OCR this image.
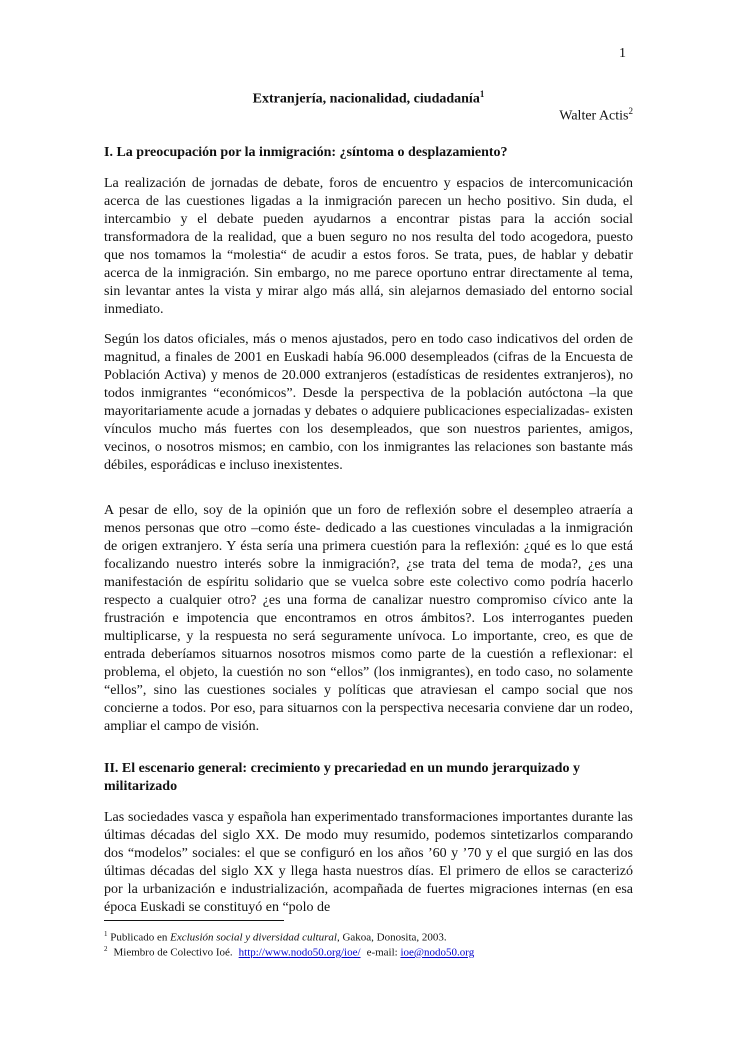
1
Extranjería, nacionalidad, ciudadanía$^1$
Walter Actis$^2$
I. La preocupación por la inmigración: ¿síntoma o desplazamiento?

La realización de jornadas de debate, foros de encuentro y espacios de intercomunicación acerca de las cuestiones ligadas a la inmigración parecen un hecho positivo. Sin duda, el intercambio y el debate pueden ayudarnos a encontrar pistas para la acción social transformadora de la realidad, que a buen seguro no nos resulta del todo acogedora, puesto que nos tomamos la “molestia“ de acudir a estos foros. Se trata, pues, de hablar y debatir acerca de la inmigración. Sin embargo, no me parece oportuno entrar directamente al tema, sin levantar antes la vista y mirar algo más allá, sin alejarnos demasiado del entorno social inmediato.

Según los datos oficiales, más o menos ajustados, pero en todo caso indicativos del orden de magnitud, a finales de 2001 en Euskadi había 96.000 desempleados (cifras de la Encuesta de Población Activa) y menos de 20.000 extranjeros (estadísticas de residentes extranjeros), no todos inmigrantes “económicos”. Desde la perspectiva de la población autóctona –la que mayoritariamente acude a jornadas y debates o adquiere publicaciones especializadas- existen vínculos mucho más fuertes con los desempleados, que son nuestros parientes, amigos, vecinos, o nosotros mismos; en cambio, con los inmigrantes las relaciones son bastante más débiles, esporádicas e incluso inexistentes.

A pesar de ello, soy de la opinión que un foro de reflexión sobre el desempleo atraería a menos personas que otro –como éste- dedicado a las cuestiones vinculadas a la inmigración de origen extranjero. Y ésta sería una primera cuestión para la reflexión: ¿qué es lo que está focalizando nuestro interés sobre la inmigración?, ¿se trata del tema de moda?, ¿es una manifestación de espíritu solidario que se vuelca sobre este colectivo como podría hacerlo respecto a cualquier otro? ¿es una forma de canalizar nuestro compromiso cívico ante la frustración e impotencia que encontramos en otros ámbitos?. Los interrogantes pueden multiplicarse, y la respuesta no será seguramente unívoca. Lo importante, creo, es que de entrada deberíamos situarnos nosotros mismos como parte de la cuestión a reflexionar: el problema, el objeto, la cuestión no son “ellos” (los inmigrantes), en todo caso, no solamente “ellos”, sino las cuestiones sociales y políticas que atraviesan el campo social que nos concierne a todos. Por eso, para situarnos con la perspectiva necesaria conviene dar un rodeo, ampliar el campo de visión.

II. El escenario general: crecimiento y precariedad en un mundo jerarquizado y militarizado

Las sociedades vasca y española han experimentado transformaciones importantes durante las últimas décadas del siglo XX. De modo muy resumido, podemos sintetizarlos comparando dos “modelos” sociales: el que se configuró en los años ’60 y ’70 y el que surgió en las dos últimas décadas del siglo XX y llega hasta nuestros días. El primero de ellos se caracterizó por la urbanización e industrialización, acompañada de fuertes migraciones internas (en esa época Euskadi se constituyó en “polo de

$^1$ Publicado en Exclusión social y diversidad cultural, Gakoa, Donosita, 2003.
$^2$ Miembro de Colectivo Ioé. http://www.nodo50.org/ioe/ e-mail: ioe@nodo50.org
